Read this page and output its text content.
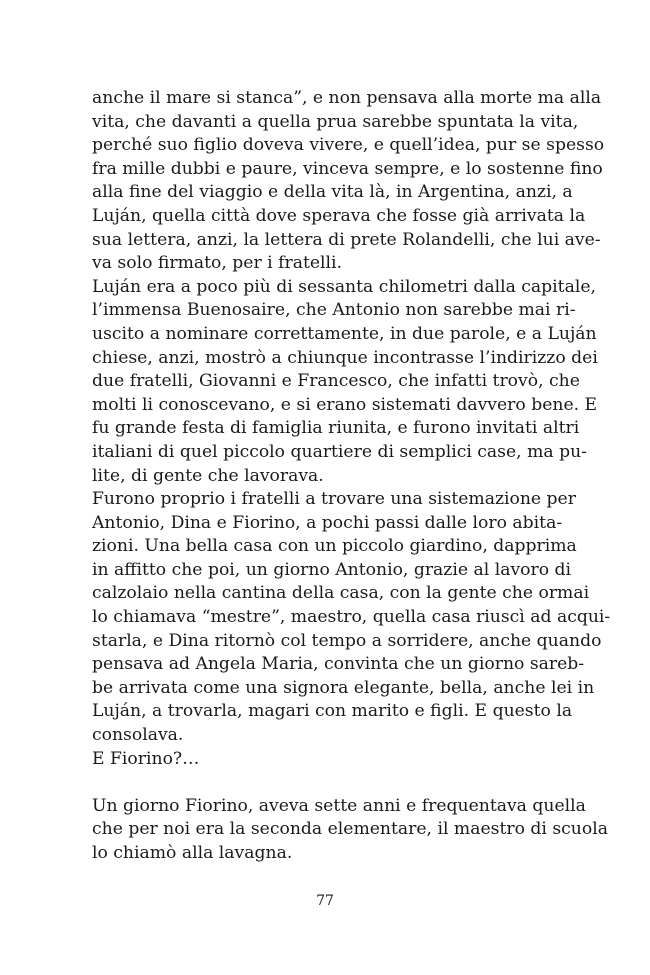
anche il mare si stanca”, e non pensava alla morte ma alla
vita, che davanti a quella prua sarebbe spuntata la vita,
perché suo figlio doveva vivere, e quell’idea, pur se spesso
fra mille dubbi e paure, vinceva sempre, e lo sostenne fino
alla fine del viaggio e della vita là, in Argentina, anzi, a
Luján, quella città dove sperava che fosse già arrivata la
sua lettera, anzi, la lettera di prete Rolandelli, che lui ave-
va solo firmato, per i fratelli.
Luján era a poco più di sessanta chilometri dalla capitale,
l’immensa Buenosaire, che Antonio non sarebbe mai ri-
uscito a nominare correttamente, in due parole, e a Luján
chiese, anzi, mostrò a chiunque incontrasse l’indirizzo dei
due fratelli, Giovanni e Francesco, che infatti trovò, che
molti li conoscevano, e si erano sistemati davvero bene. E
fu grande festa di famiglia riunita, e furono invitati altri
italiani di quel piccolo quartiere di semplici case, ma pu-
lite, di gente che lavorava.
Furono proprio i fratelli a trovare una sistemazione per
Antonio, Dina e Fiorino, a pochi passi dalle loro abita-
zioni. Una bella casa con un piccolo giardino, dapprima
in affitto che poi, un giorno Antonio, grazie al lavoro di
calzolaio nella cantina della casa, con la gente che ormai
lo chiamava “mestre”, maestro, quella casa riuscì ad acqui-
starla, e Dina ritornò col tempo a sorridere, anche quando
pensava ad Angela Maria, convinta che un giorno sareb-
be arrivata come una signora elegante, bella, anche lei in
Luján, a trovarla, magari con marito e figli. E questo la
consolava.
E Fiorino?…
Un giorno Fiorino, aveva sette anni e frequentava quella
che per noi era la seconda elementare, il maestro di scuola
lo chiamò alla lavagna.
77
